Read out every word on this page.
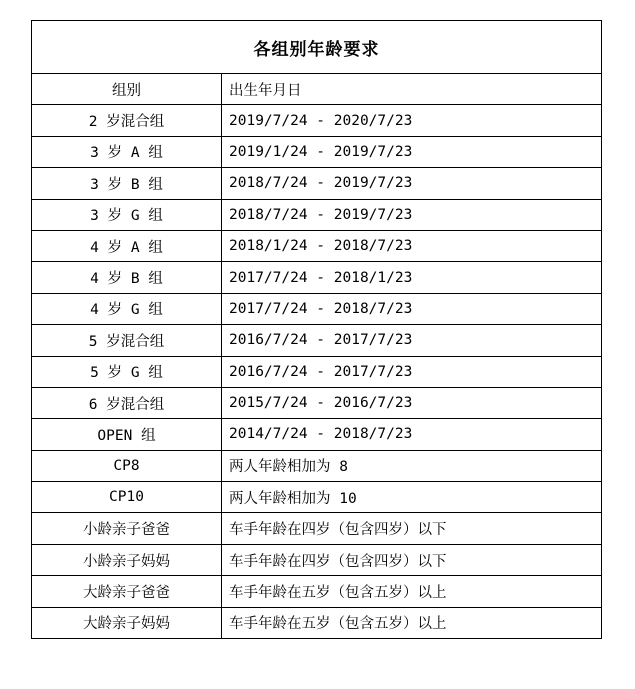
各组别年龄要求	
组别	出生年月日
2 岁混合组	2019/7/24 - 2020/7/23
3 岁 A 组	2019/1/24 - 2019/7/23
3 岁 B 组	2018/7/24 - 2019/7/23
3 岁 G 组	2018/7/24 - 2019/7/23
4 岁 A 组	2018/1/24 - 2018/7/23
4 岁 B 组	2017/7/24 - 2018/1/23
4 岁 G 组	2017/7/24 - 2018/7/23
5 岁混合组	2016/7/24 - 2017/7/23
5 岁 G 组	2016/7/24 - 2017/7/23
6 岁混合组	2015/7/24 - 2016/7/23
OPEN 组	2014/7/24 - 2018/7/23
CP8	两人年龄相加为 8
CP10	两人年龄相加为 10
小龄亲子爸爸	车手年龄在四岁（包含四岁）以下
小龄亲子妈妈	车手年龄在四岁（包含四岁）以下
大龄亲子爸爸	车手年龄在五岁（包含五岁）以上
大龄亲子妈妈	车手年龄在五岁（包含五岁）以上
